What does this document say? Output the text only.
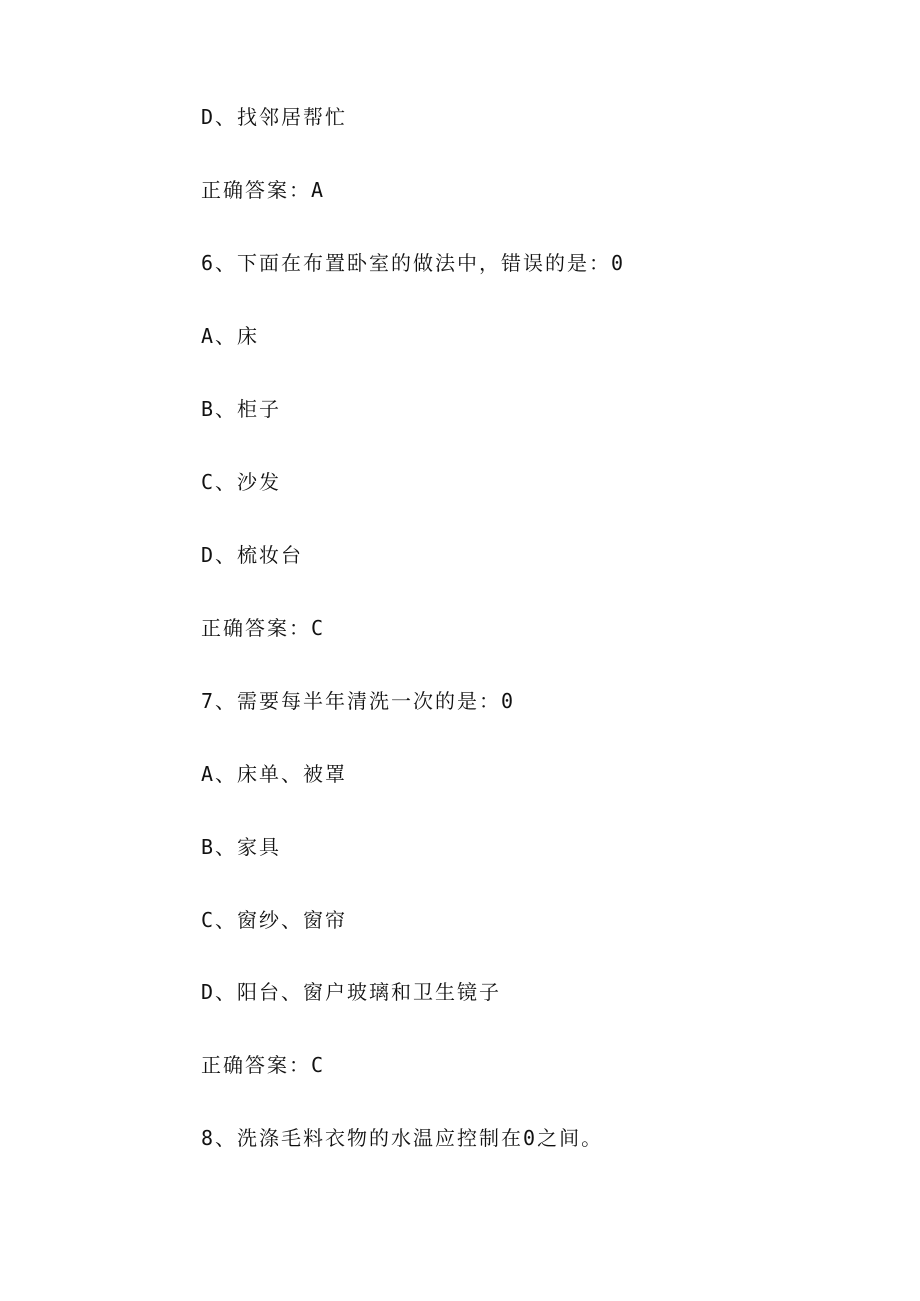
D、找邻居帮忙
正确答案：A
6、下面在布置卧室的做法中，错误的是：0
A、床
B、柜子
C、沙发
D、梳妆台
正确答案：C
7、需要每半年清洗一次的是：0
A、床单、被罩
B、家具
C、窗纱、窗帘
D、阳台、窗户玻璃和卫生镜子
正确答案：C
8、洗涤毛料衣物的水温应控制在0之间。
